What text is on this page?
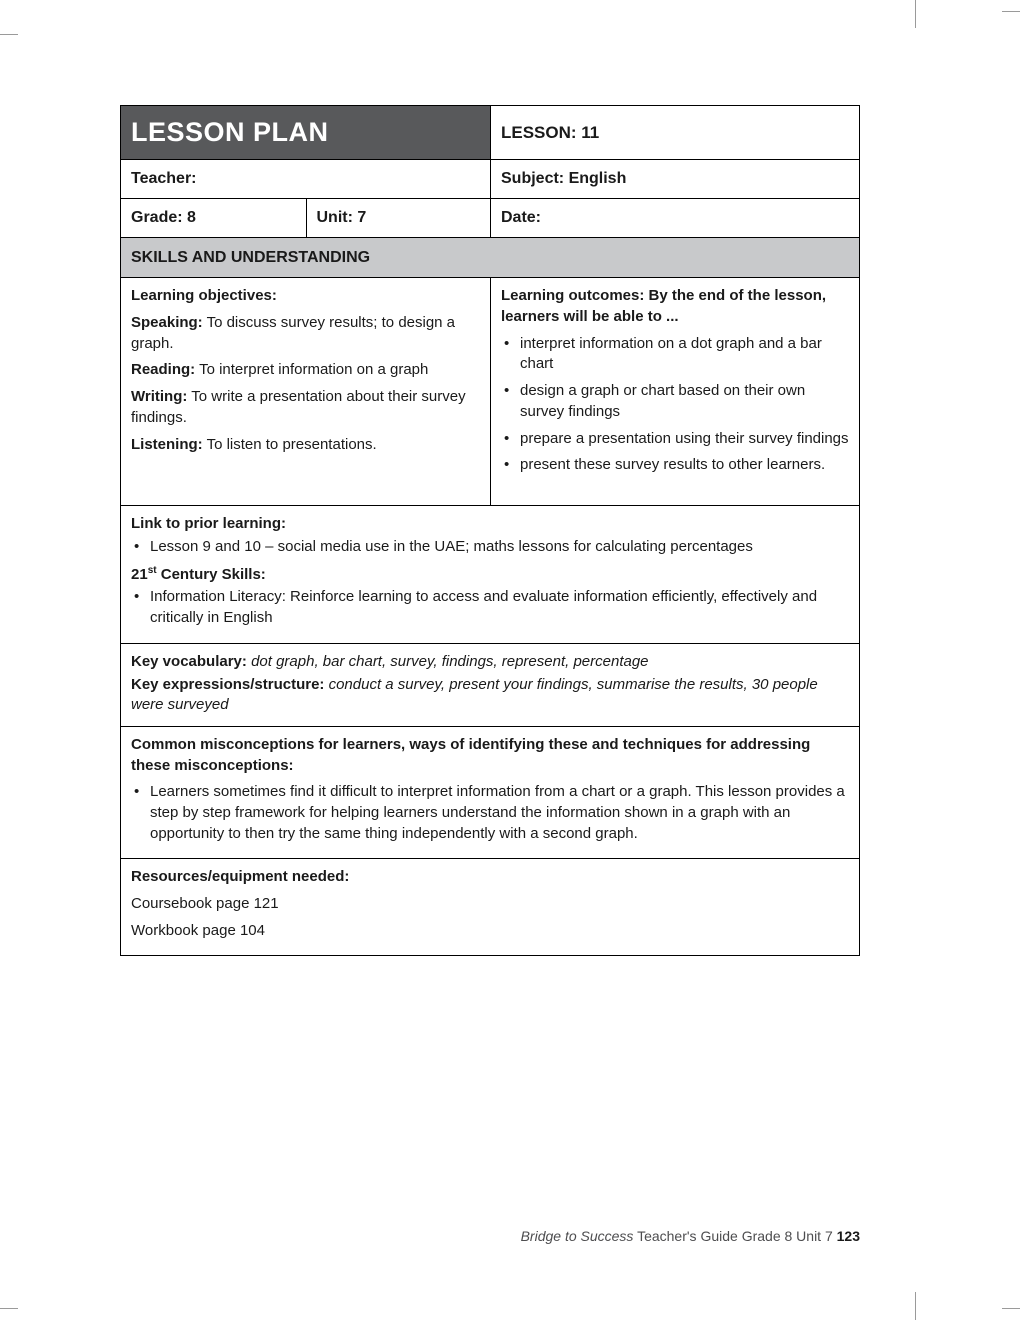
LESSON PLAN	LESSON: 11
Teacher:	Subject: English
Grade: 8	Unit: 7	Date:
SKILLS AND UNDERSTANDING

Learning objectives:

Speaking: To discuss survey results; to design a graph.

Reading: To interpret information on a graph

Writing: To write a presentation about their survey findings.

Listening: To listen to presentations.

Learning outcomes: By the end of the lesson, learners will be able to ...

• interpret information on a dot graph and a bar chart
• design a graph or chart based on their own survey findings
• prepare a presentation using their survey findings
• present these survey results to other learners.

Link to prior learning:

• Lesson 9 and 10 – social media use in the UAE; maths lessons for calculating percentages

21st Century Skills:

• Information Literacy: Reinforce learning to access and evaluate information efficiently, effectively and critically in English

Key vocabulary: dot graph, bar chart, survey, findings, represent, percentage

Key expressions/structure: conduct a survey, present your findings, summarise the results, 30 people were surveyed

Common misconceptions for learners, ways of identifying these and techniques for addressing these misconceptions:

• Learners sometimes find it difficult to interpret information from a chart or a graph. This lesson provides a step by step framework for helping learners understand the information shown in a graph with an opportunity to then try the same thing independently with a second graph.

Resources/equipment needed:

Coursebook page 121

Workbook page 104

Bridge to Success Teacher's Guide Grade 8 Unit 7 123
